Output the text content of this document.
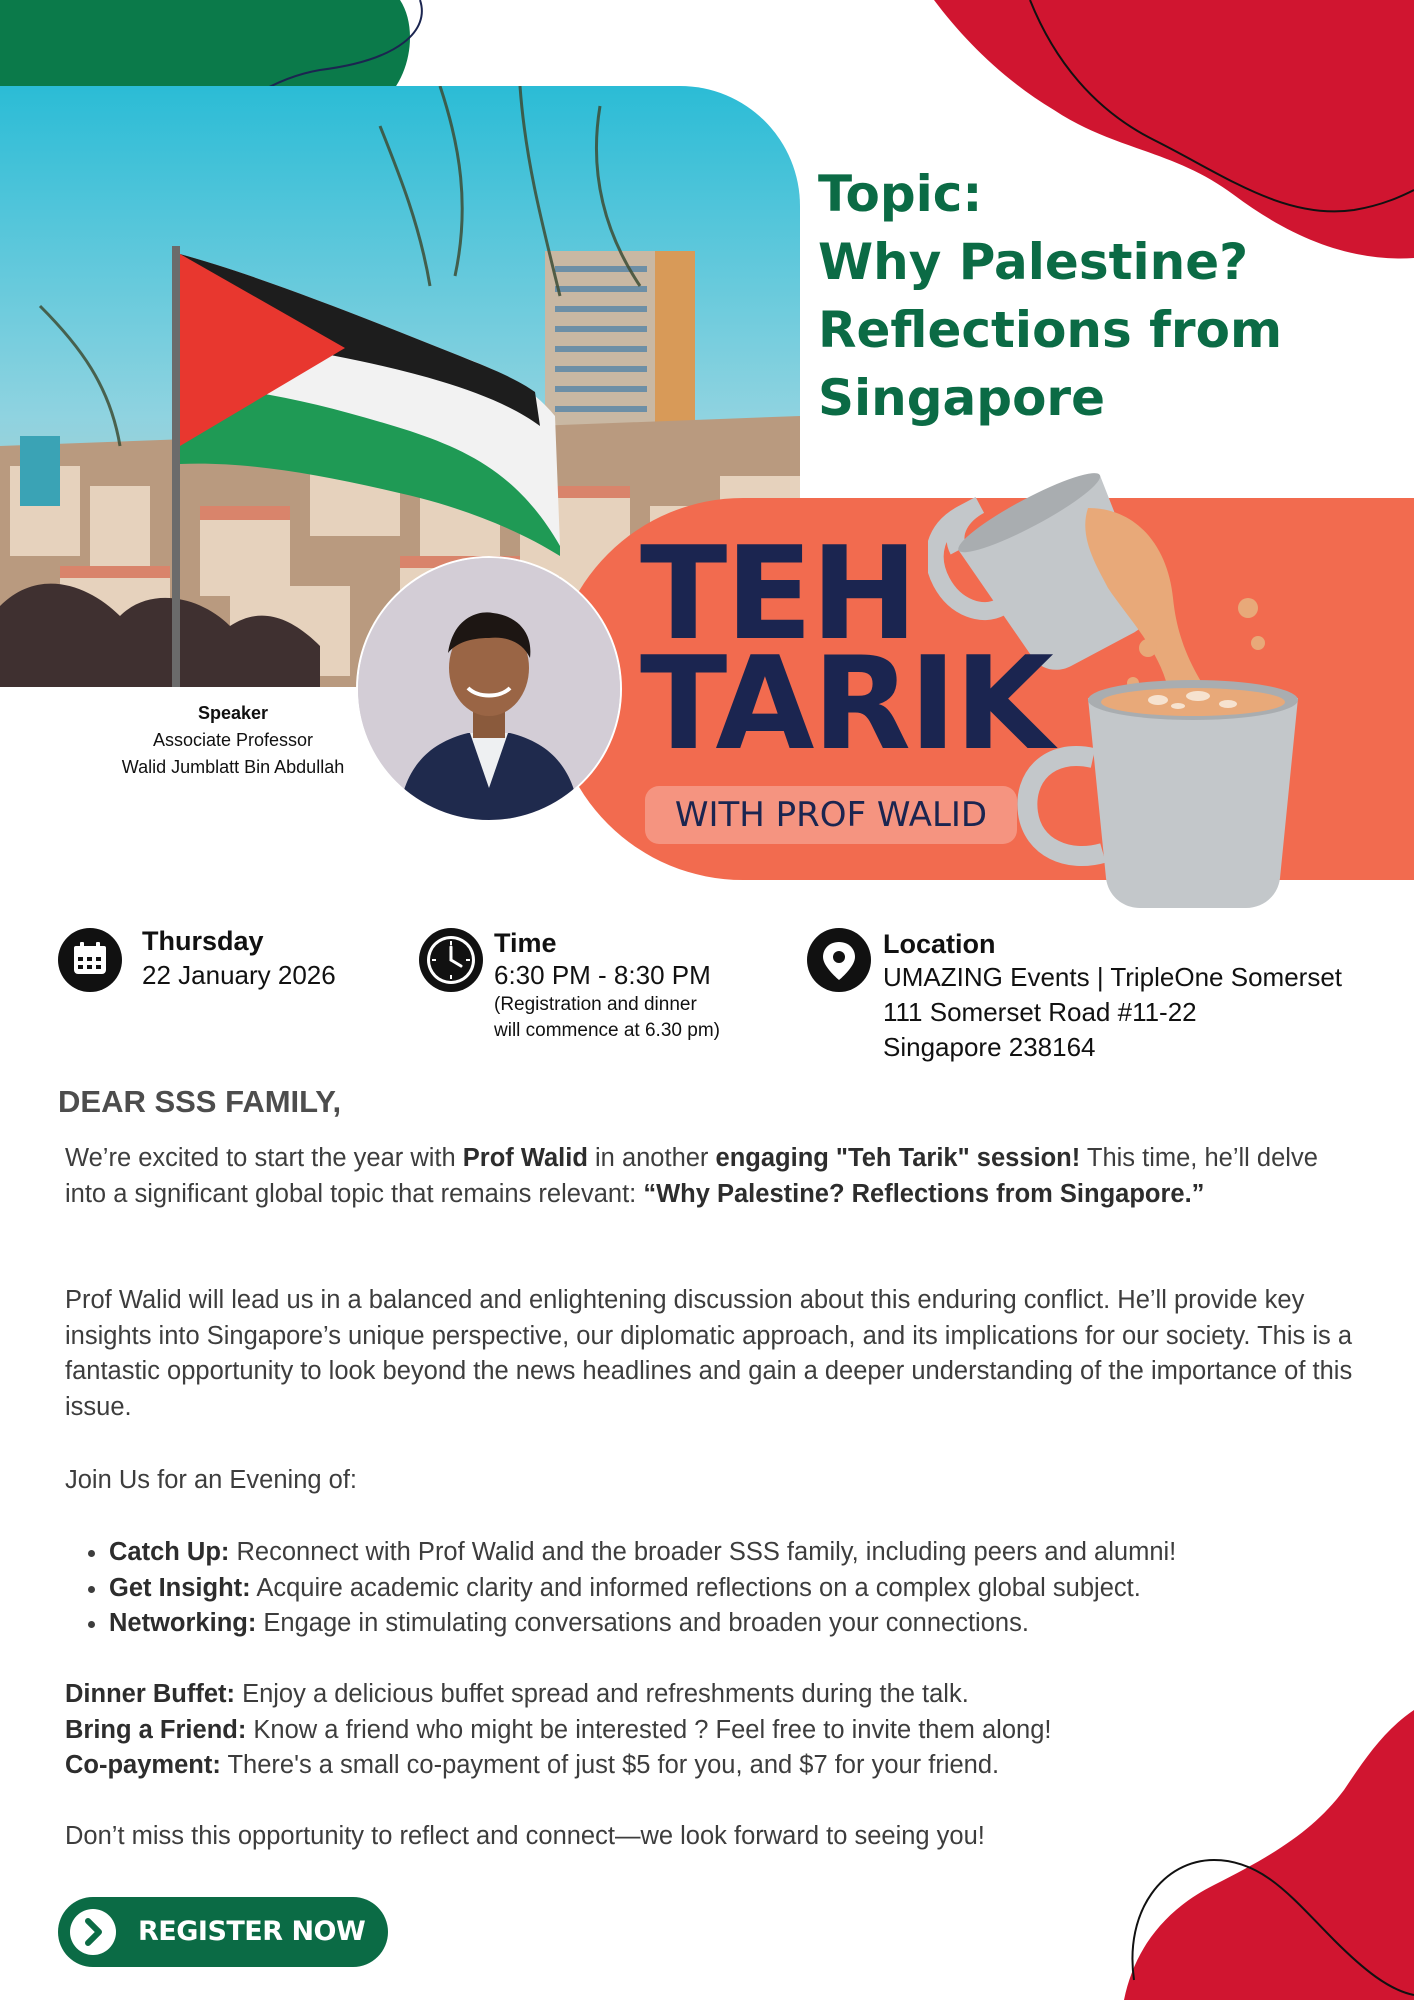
Topic:
Why Palestine?
Reflections from
Singapore
TEH
TARIK
WITH PROF WALID
Speaker
Associate Professor
Walid Jumblatt Bin Abdullah
Thursday
22 January 2026
Time
6:30 PM - 8:30 PM
(Registration and dinner
will commence at 6.30 pm)
Location
UMAZING Events | TripleOne Somerset
111 Somerset Road #11-22
Singapore 238164
DEAR SSS FAMILY,
We’re excited to start the year with Prof Walid in another engaging "Teh Tarik" session! This time, he’ll delve into a significant global topic that remains relevant: “Why Palestine? Reflections from Singapore.”
Prof Walid will lead us in a balanced and enlightening discussion about this enduring conflict. He’ll provide key insights into Singapore’s unique perspective, our diplomatic approach, and its implications for our society. This is a fantastic opportunity to look beyond the news headlines and gain a deeper understanding of the importance of this issue.
Join Us for an Evening of:
• Catch Up: Reconnect with Prof Walid and the broader SSS family, including peers and alumni!
• Get Insight: Acquire academic clarity and informed reflections on a complex global subject.
• Networking: Engage in stimulating conversations and broaden your connections.
Dinner Buffet: Enjoy a delicious buffet spread and refreshments during the talk.
Bring a Friend: Know a friend who might be interested ? Feel free to invite them along!
Co-payment: There's a small co-payment of just $5 for you, and $7 for your friend.
Don’t miss this opportunity to reflect and connect—we look forward to seeing you!
REGISTER NOW
